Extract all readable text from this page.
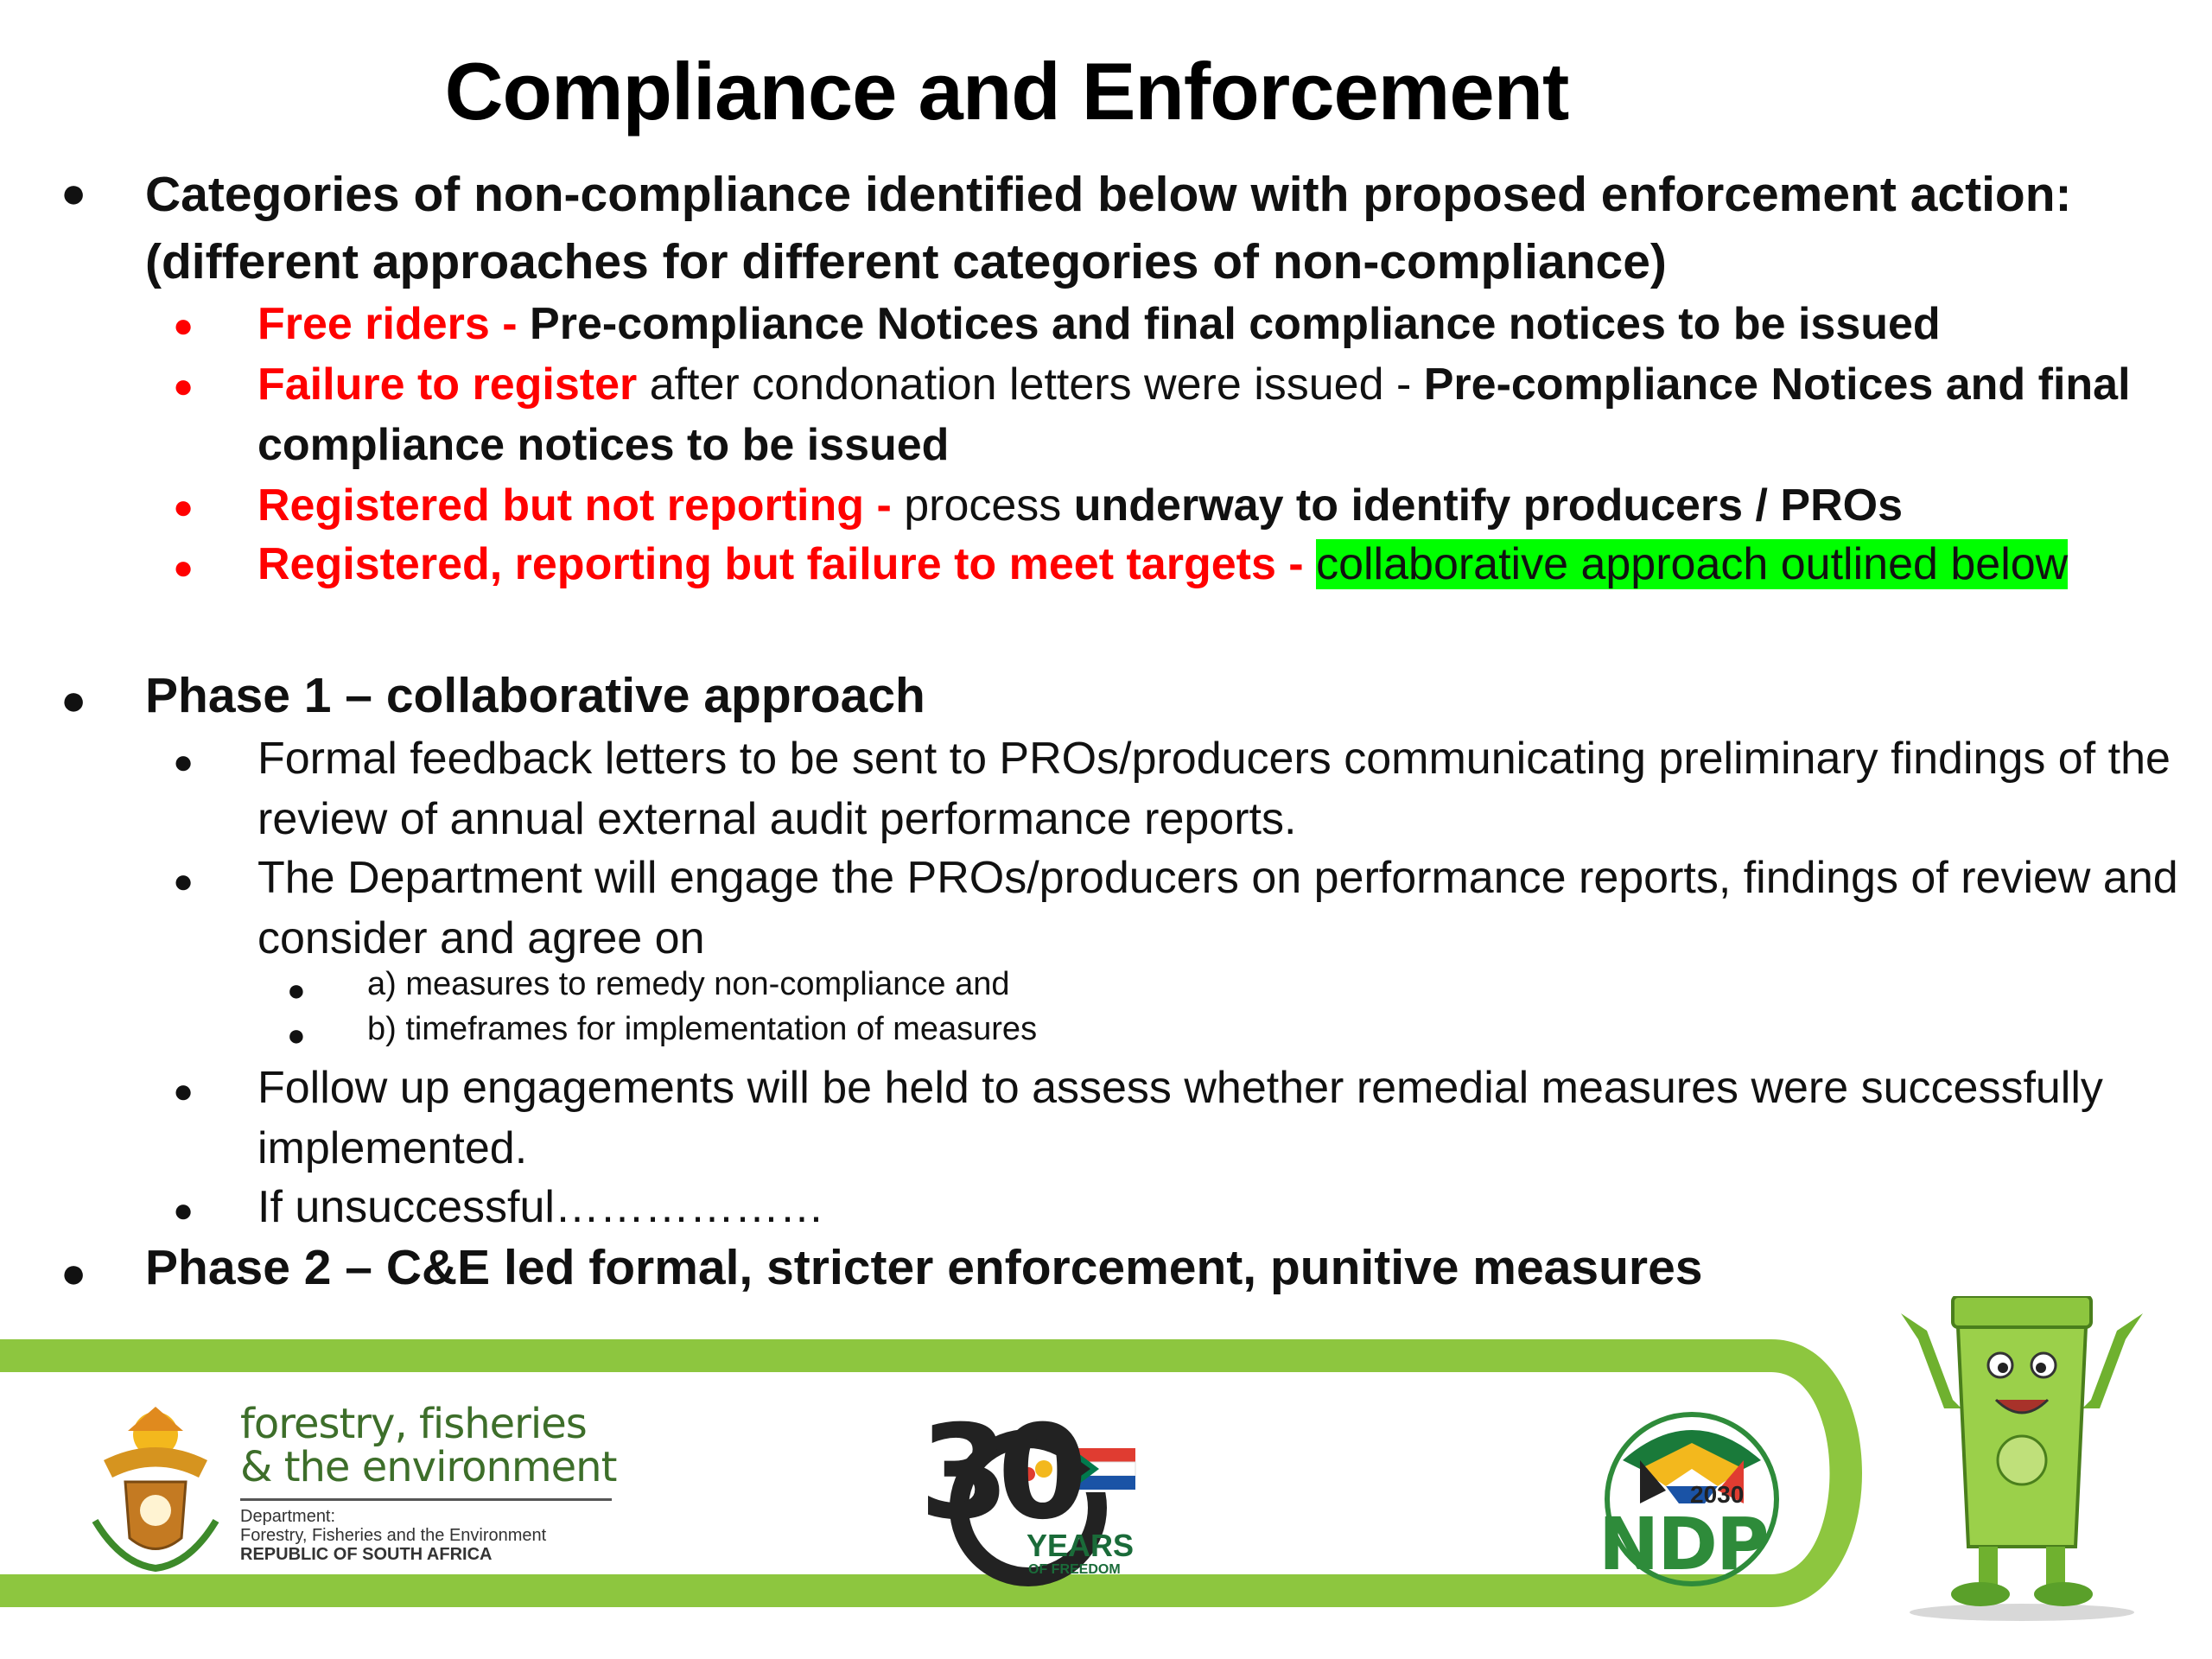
Compliance and Enforcement
● Categories of non-compliance identified below with proposed enforcement action:
(different approaches for different categories of non-compliance)
● Free riders - Pre-compliance Notices and final compliance notices to be issued
● Failure to register after condonation letters were issued - Pre-compliance Notices and final
compliance notices to be issued
● Registered but not reporting - process underway to identify producers / PROs
● Registered, reporting but failure to meet targets - collaborative approach outlined below
● Phase 1 – collaborative approach
● Formal feedback letters to be sent to PROs/producers communicating preliminary findings of the
review of annual external audit performance reports.
● The Department will engage the PROs/producers on performance reports, findings of review and
consider and agree on
● a) measures to remedy non-compliance and
● b) timeframes for implementation of measures
● Follow up engagements will be held to assess whether remedial measures were successfully
implemented.
● If unsuccessful………………
● Phase 2 – C&E led formal, stricter enforcement, punitive measures
forestry, fisheries
& the environment
Department:
Forestry, Fisheries and the Environment
REPUBLIC OF SOUTH AFRICA
30
YEARS
OF FREEDOM
2030
NDP
